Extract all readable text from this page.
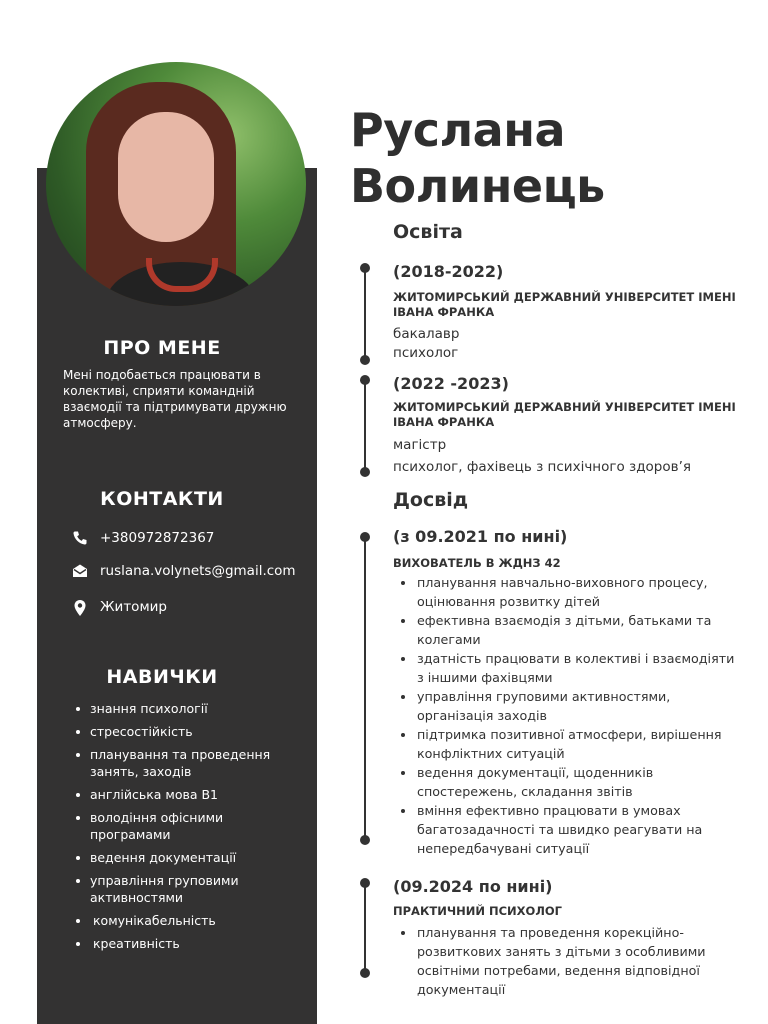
ПРО МЕНЕ
Мені подобається працювати в колективі, сприяти командній взаємодії та підтримувати дружню атмосферу.
КОНТАКТИ
+380972872367
ruslana.volynets@gmail.com
Житомир
НАВИЧКИ
знання психології
стресостійкість
планування та проведення занять, заходів
англійська мова B1
володіння офісними програмами
ведення документації
управління груповими активностями
комунікабельність
креативність
Руслана
Волинець
Освіта
(2018-2022)
ЖИТОМИРСЬКИЙ ДЕРЖАВНИЙ УНІВЕРСИТЕТ ІМЕНІ ІВАНА ФРАНКА
бакалавр
психолог
(2022 -2023)
ЖИТОМИРСЬКИЙ ДЕРЖАВНИЙ УНІВЕРСИТЕТ ІМЕНІ ІВАНА ФРАНКА
магістр
психолог, фахівець з психічного здоров’я
Досвід
(з 09.2021 по нині)
ВИХОВАТЕЛЬ В ЖДНЗ 42
планування навчально-виховного процесу, оцінювання розвитку дітей
ефективна взаємодія з дітьми, батьками та колегами
здатність працювати в колективі і взаємодіяти з іншими фахівцями
управління груповими активностями, організація заходів
підтримка позитивної атмосфери, вирішення конфліктних ситуацій
ведення документації, щоденників спостережень, складання звітів
вміння ефективно працювати в умовах багатозадачності та швидко реагувати на непередбачувані ситуації
(09.2024 по нині)
ПРАКТИЧНИЙ ПСИХОЛОГ
планування та проведення корекційно-розвиткових занять з дітьми з особливими освітніми потребами, ведення відповідної документації
